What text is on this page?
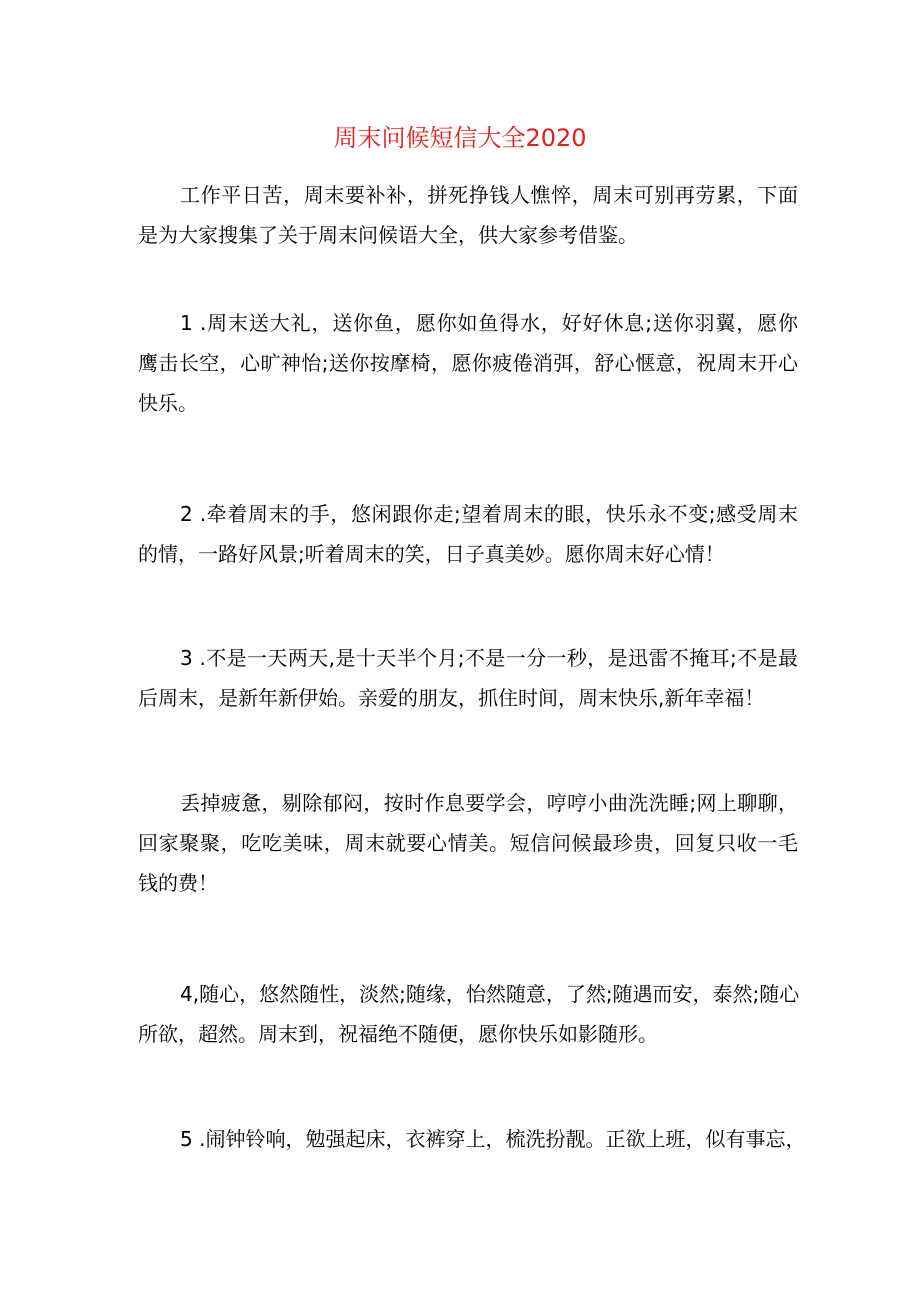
周末问候短信大全2020
工作平日苦，周末要补补，拼死挣钱人憔悴，周末可别再劳累，下面
是为大家搜集了关于周末问候语大全，供大家参考借鉴。
1 .周末送大礼，送你鱼，愿你如鱼得水，好好休息;送你羽翼，愿你
鹰击长空，心旷神怡;送你按摩椅，愿你疲倦消弭，舒心惬意，祝周末开心
快乐。
2 .牵着周末的手，悠闲跟你走;望着周末的眼，快乐永不变;感受周末
的情，一路好风景;听着周末的笑，日子真美妙。愿你周末好心情！
3 .不是一天两天,是十天半个月;不是一分一秒，是迅雷不掩耳;不是最
后周末，是新年新伊始。亲爱的朋友，抓住时间，周末快乐,新年幸福！
丢掉疲惫，剔除郁闷，按时作息要学会，哼哼小曲洗洗睡;网上聊聊，
回家聚聚，吃吃美味，周末就要心情美。短信问候最珍贵，回复只收一毛
钱的费！
4,随心，悠然随性，淡然;随缘，怡然随意，了然;随遇而安，泰然;随心
所欲，超然。周末到，祝福绝不随便，愿你快乐如影随形。
5 .闹钟铃响，勉强起床，衣裤穿上，梳洗扮靓。正欲上班，似有事忘，
